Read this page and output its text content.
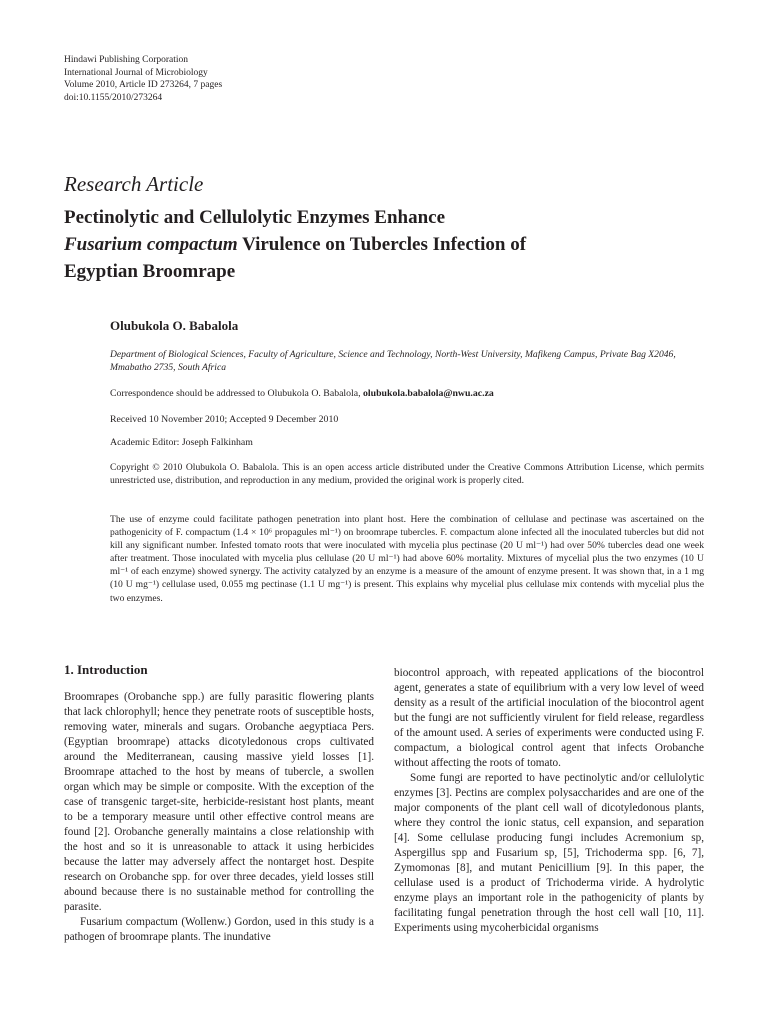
Hindawi Publishing Corporation
International Journal of Microbiology
Volume 2010, Article ID 273264, 7 pages
doi:10.1155/2010/273264
Research Article
Pectinolytic and Cellulolytic Enzymes Enhance
Fusarium compactum Virulence on Tubercles Infection of
Egyptian Broomrape
Olubukola O. Babalola
Department of Biological Sciences, Faculty of Agriculture, Science and Technology, North-West University, Mafikeng Campus, Private Bag X2046, Mmabatho 2735, South Africa
Correspondence should be addressed to Olubukola O. Babalola, olubukola.babalola@nwu.ac.za
Received 10 November 2010; Accepted 9 December 2010
Academic Editor: Joseph Falkinham
Copyright © 2010 Olubukola O. Babalola. This is an open access article distributed under the Creative Commons Attribution License, which permits unrestricted use, distribution, and reproduction in any medium, provided the original work is properly cited.

The use of enzyme could facilitate pathogen penetration into plant host. Here the combination of cellulase and pectinase was ascertained on the pathogenicity of F. compactum (1.4 × 10⁶ propagules ml⁻¹) on broomrape tubercles. F. compactum alone infected all the inoculated tubercles but did not kill any significant number. Infested tomato roots that were inoculated with mycelia plus pectinase (20 U ml⁻¹) had over 50% tubercles dead one week after treatment. Those inoculated with mycelia plus cellulase (20 U ml⁻¹) had above 60% mortality. Mixtures of mycelial plus the two enzymes (10 U ml⁻¹ of each enzyme) showed synergy. The activity catalyzed by an enzyme is a measure of the amount of enzyme present. It was shown that, in a 1 mg (10 U mg⁻¹) cellulase used, 0.055 mg pectinase (1.1 U mg⁻¹) is present. This explains why mycelial plus cellulase mix contends with mycelial plus the two enzymes.

1. Introduction

Broomrapes (Orobanche spp.) are fully parasitic flowering plants that lack chlorophyll; hence they penetrate roots of susceptible hosts, removing water, minerals and sugars. Orobanche aegyptiaca Pers. (Egyptian broomrape) attacks dicotyledonous crops cultivated around the Mediterranean, causing massive yield losses [1]. Broomrape attached to the host by means of tubercle, a swollen organ which may be simple or composite. With the exception of the case of transgenic target-site, herbicide-resistant host plants, meant to be a temporary measure until other effective control means are found [2]. Orobanche generally maintains a close relationship with the host and so it is unreasonable to attack it using herbicides because the latter may adversely affect the nontarget host. Despite research on Orobanche spp. for over three decades, yield losses still abound because there is no sustainable method for controlling the parasite.

Fusarium compactum (Wollenw.) Gordon, used in this study is a pathogen of broomrape plants. The inundative

biocontrol approach, with repeated applications of the biocontrol agent, generates a state of equilibrium with a very low level of weed density as a result of the artificial inoculation of the biocontrol agent but the fungi are not sufficiently virulent for field release, regardless of the amount used. A series of experiments were conducted using F. compactum, a biological control agent that infects Orobanche without affecting the roots of tomato.

Some fungi are reported to have pectinolytic and/or cellulolytic enzymes [3]. Pectins are complex polysaccharides and are one of the major components of the plant cell wall of dicotyledonous plants, where they control the ionic status, cell expansion, and separation [4]. Some cellulase producing fungi includes Acremonium sp, Aspergillus spp and Fusarium sp, [5], Trichoderma spp. [6, 7], Zymomonas [8], and mutant Penicillium [9]. In this paper, the cellulase used is a product of Trichoderma viride. A hydrolytic enzyme plays an important role in the pathogenicity of plants by facilitating fungal penetration through the host cell wall [10, 11]. Experiments using mycoherbicidal organisms
